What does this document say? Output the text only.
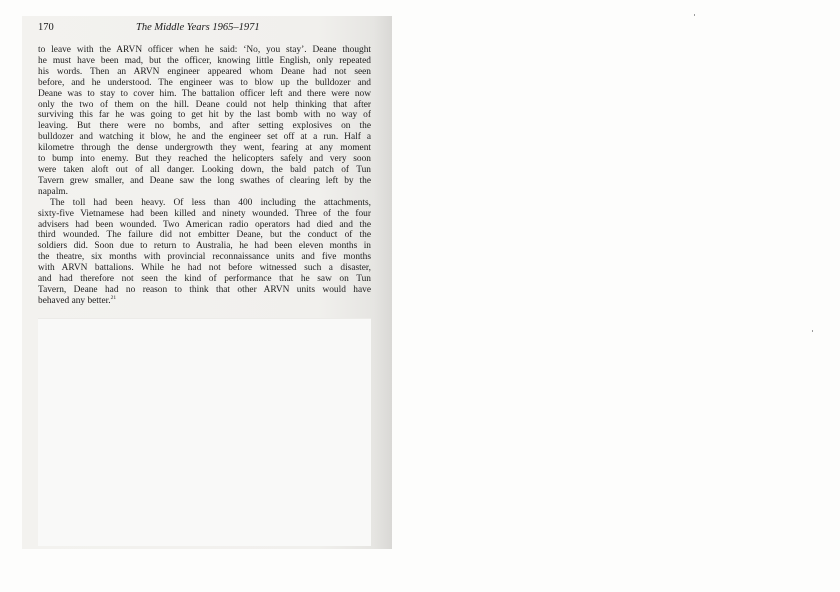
170	The Middle Years 1965–1971

to leave with the ARVN officer when he said: ‘No, you stay’. Deane thought
he must have been mad, but the officer, knowing little English, only repeated
his words. Then an ARVN engineer appeared whom Deane had not seen
before, and he understood. The engineer was to blow up the bulldozer and
Deane was to stay to cover him. The battalion officer left and there were now
only the two of them on the hill. Deane could not help thinking that after
surviving this far he was going to get hit by the last bomb with no way of
leaving. But there were no bombs, and after setting explosives on the
bulldozer and watching it blow, he and the engineer set off at a run. Half a
kilometre through the dense undergrowth they went, fearing at any moment
to bump into enemy. But they reached the helicopters safely and very soon
were taken aloft out of all danger. Looking down, the bald patch of Tun
Tavern grew smaller, and Deane saw the long swathes of clearing left by the
napalm.

The toll had been heavy. Of less than 400 including the attachments,
sixty-five Vietnamese had been killed and ninety wounded. Three of the four
advisers had been wounded. Two American radio operators had died and the
third wounded. The failure did not embitter Deane, but the conduct of the
soldiers did. Soon due to return to Australia, he had been eleven months in
the theatre, six months with provincial reconnaissance units and five months
with ARVN battalions. While he had not before witnessed such a disaster,
and had therefore not seen the kind of performance that he saw on Tun
Tavern, Deane had no reason to think that other ARVN units would have
behaved any better.$^{21}$
